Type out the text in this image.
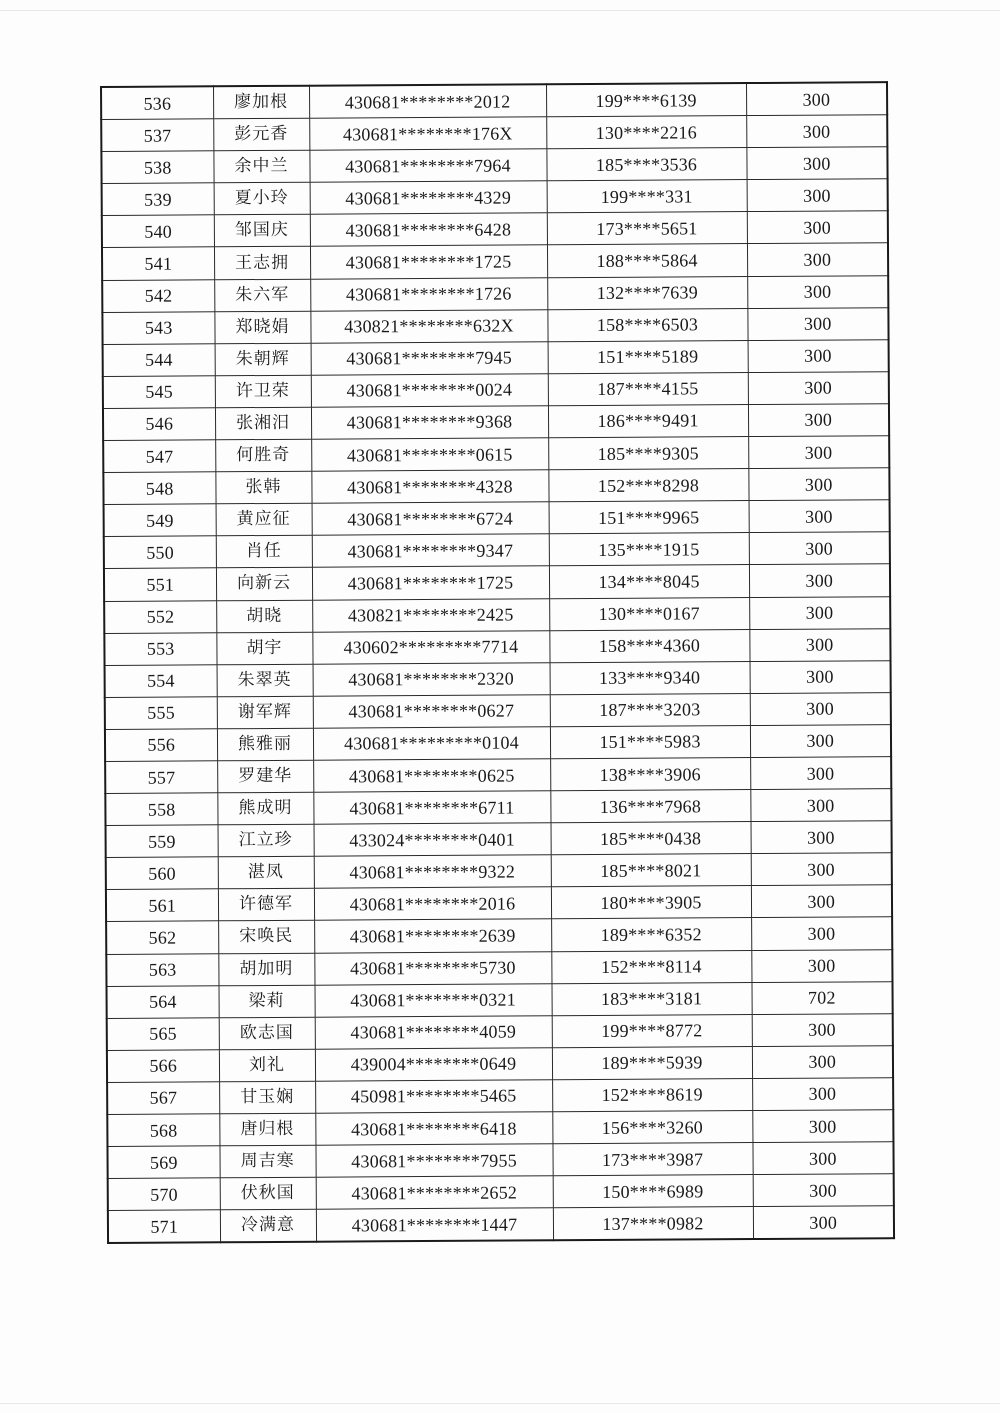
536	廖加根	430681********2012	199****6139	300
537	彭元香	430681********176X	130****2216	300
538	余中兰	430681********7964	185****3536	300
539	夏小玲	430681********4329	199****331	300
540	邹国庆	430681********6428	173****5651	300
541	王志拥	430681********1725	188****5864	300
542	朱六军	430681********1726	132****7639	300
543	郑晓娟	430821********632X	158****6503	300
544	朱朝辉	430681********7945	151****5189	300
545	许卫荣	430681********0024	187****4155	300
546	张湘汨	430681********9368	186****9491	300
547	何胜奇	430681********0615	185****9305	300
548	张韩	430681********4328	152****8298	300
549	黄应征	430681********6724	151****9965	300
550	肖任	430681********9347	135****1915	300
551	向新云	430681********1725	134****8045	300
552	胡晓	430821********2425	130****0167	300
553	胡宇	430602*********7714	158****4360	300
554	朱翠英	430681********2320	133****9340	300
555	谢军辉	430681********0627	187****3203	300
556	熊雅丽	430681*********0104	151****5983	300
557	罗建华	430681********0625	138****3906	300
558	熊成明	430681********6711	136****7968	300
559	江立珍	433024********0401	185****0438	300
560	湛凤	430681********9322	185****8021	300
561	许德军	430681********2016	180****3905	300
562	宋唤民	430681********2639	189****6352	300
563	胡加明	430681********5730	152****8114	300
564	梁莉	430681********0321	183****3181	702
565	欧志国	430681********4059	199****8772	300
566	刘礼	439004********0649	189****5939	300
567	甘玉娴	450981********5465	152****8619	300
568	唐归根	430681********6418	156****3260	300
569	周吉寒	430681********7955	173****3987	300
570	伏秋国	430681********2652	150****6989	300
571	冷满意	430681********1447	137****0982	300
